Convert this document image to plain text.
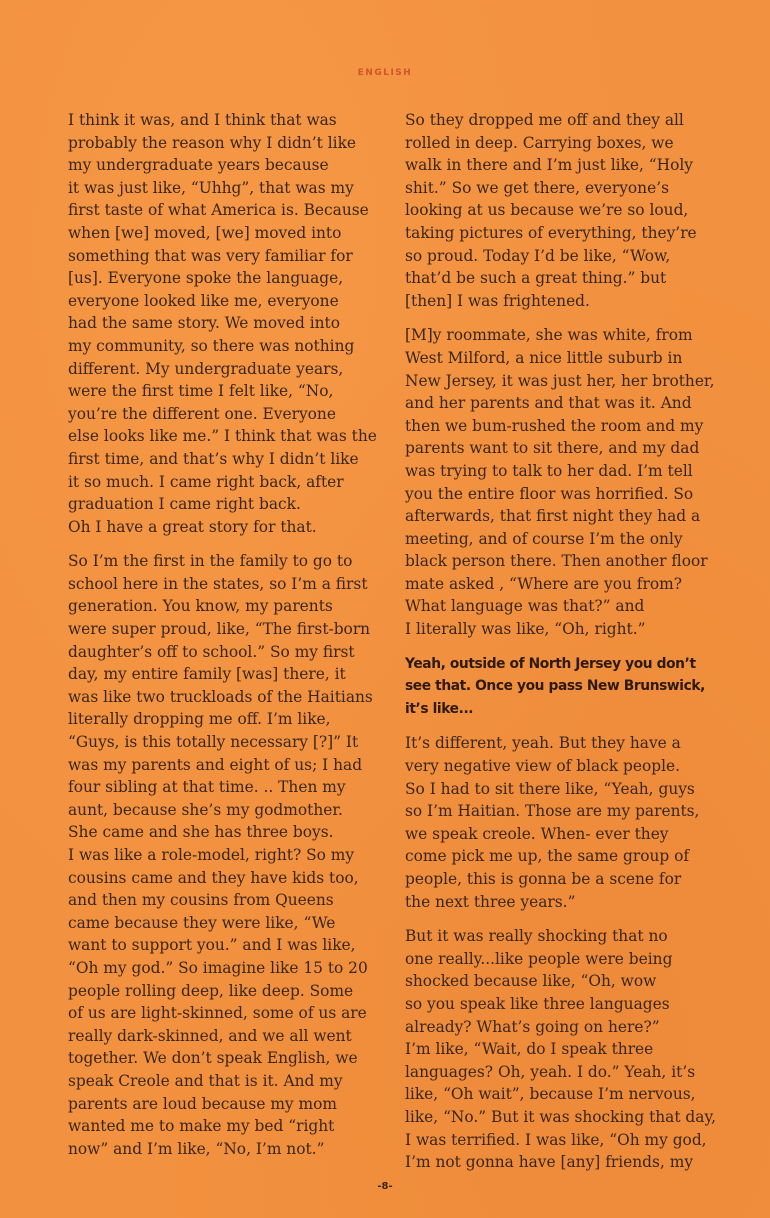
ENGLISH
I think it was, and I think that was
probably the reason why I didn’t like
my undergraduate years because
it was just like, “Uhhg”, that was my
first taste of what America is. Because
when [we] moved, [we] moved into
something that was very familiar for
[us]. Everyone spoke the language,
everyone looked like me, everyone
had the same story. We moved into
my community, so there was nothing
different. My undergraduate years,
were the first time I felt like, “No,
you’re the different one. Everyone
else looks like me.” I think that was the
first time, and that’s why I didn’t like
it so much. I came right back, after
graduation I came right back.
Oh I have a great story for that.
So I’m the first in the family to go to
school here in the states, so I’m a first
generation. You know, my parents
were super proud, like, “The first-born
daughter’s off to school.” So my first
day, my entire family [was] there, it
was like two truckloads of the Haitians
literally dropping me off. I’m like,
“Guys, is this totally necessary [?]” It
was my parents and eight of us; I had
four sibling at that time. .. Then my
aunt, because she’s my godmother.
She came and she has three boys.
I was like a role-model, right? So my
cousins came and they have kids too,
and then my cousins from Queens
came because they were like, “We
want to support you.” and I was like,
“Oh my god.” So imagine like 15 to 20
people rolling deep, like deep. Some
of us are light-skinned, some of us are
really dark-skinned, and we all went
together. We don’t speak English, we
speak Creole and that is it. And my
parents are loud because my mom
wanted me to make my bed “right
now” and I’m like, “No, I’m not.”
So they dropped me off and they all
rolled in deep. Carrying boxes, we
walk in there and I’m just like, “Holy
shit.” So we get there, everyone’s
looking at us because we’re so loud,
taking pictures of everything, they’re
so proud. Today I’d be like, “Wow,
that’d be such a great thing.” but
[then] I was frightened.
[M]y roommate, she was white, from
West Milford, a nice little suburb in
New Jersey, it was just her, her brother,
and her parents and that was it. And
then we bum-rushed the room and my
parents want to sit there, and my dad
was trying to talk to her dad. I’m tell
you the entire floor was horrified. So
afterwards, that first night they had a
meeting, and of course I’m the only
black person there. Then another floor
mate asked , “Where are you from?
What language was that?” and
I literally was like, “Oh, right.”
Yeah, outside of North Jersey you don’t
see that. Once you pass New Brunswick,
it’s like...
It’s different, yeah. But they have a
very negative view of black people.
So I had to sit there like, “Yeah, guys
so I’m Haitian. Those are my parents,
we speak creole. When- ever they
come pick me up, the same group of
people, this is gonna be a scene for
the next three years.”
But it was really shocking that no
one really...like people were being
shocked because like, “Oh, wow
so you speak like three languages
already? What’s going on here?”
I’m like, “Wait, do I speak three
languages? Oh, yeah. I do.” Yeah, it’s
like, “Oh wait”, because I’m nervous,
like, “No.” But it was shocking that day,
I was terrified. I was like, “Oh my god,
I’m not gonna have [any] friends, my
-8-
